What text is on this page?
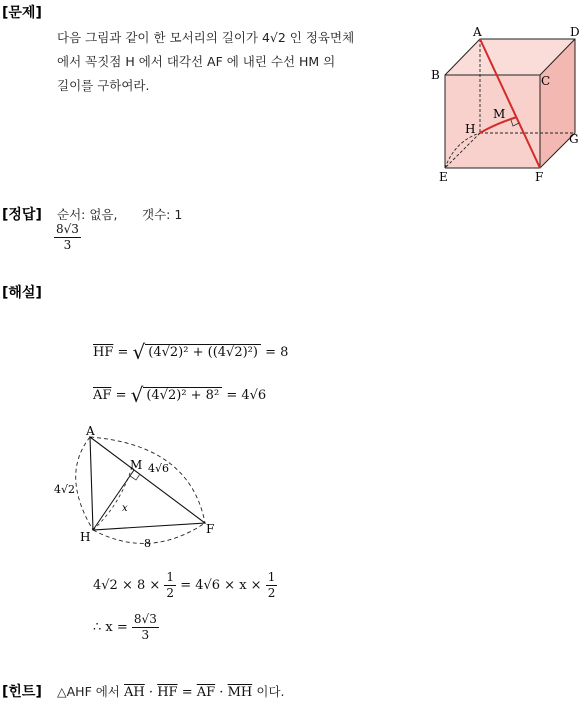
[문제]
다음 그림과 같이 한 모서리의 길이가 4√2 인 정육면체
에서 꼭짓점 H 에서 대각선 AF 에 내린 수선 HM 의
길이를 구하여라.
A	D
B	C
M
H
G
E	F
[정답] 순서: 없음, 갯수: 1
$\frac{8√3}{3}$
[해설]
$\overline{HF}$ = √ (4√2)² + ((4√2)²) = 8
$\overline{AF}$ = √ (4√2)² + 8² = 4√6
A
M
H
F
4√2
4√6
8
x
$4√2 \times 8 \times \frac{1}{2} = 4√6 \times x \times \frac{1}{2}$
∴ $x = \frac{8√3}{3}$
[힌트] △AHF 에서 $\overline{AH} \cdot \overline{HF} = \overline{AF} \cdot \overline{MH}$ 이다.
